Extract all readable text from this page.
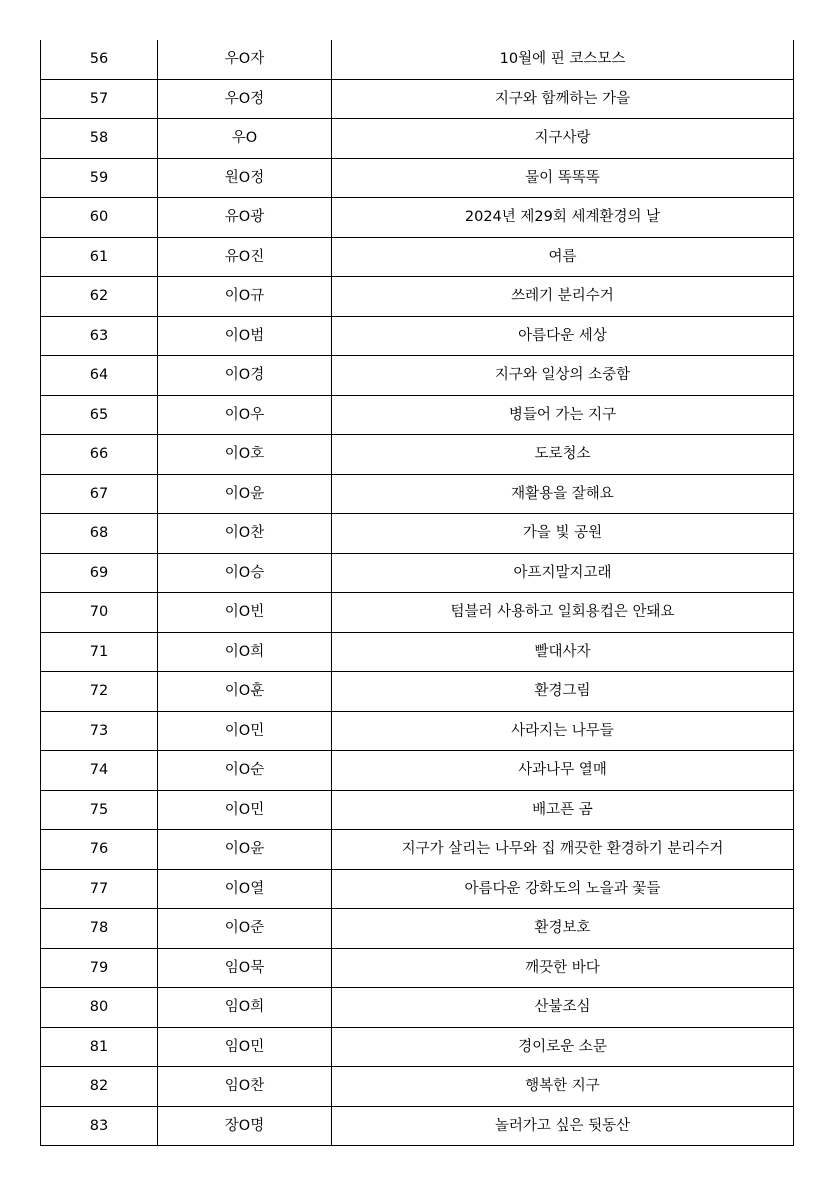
56	우O자	10월에 핀 코스모스
57	우O정	지구와 함께하는 가을
58	우O	지구사랑
59	원O정	물이 똑똑똑
60	유O광	2024년 제29회 세계환경의 날
61	유O진	여름
62	이O규	쓰레기 분리수거
63	이O범	아름다운 세상
64	이O경	지구와 일상의 소중함
65	이O우	병들어 가는 지구
66	이O호	도로청소
67	이O윤	재활용을 잘해요
68	이O찬	가을 빛 공원
69	이O승	아프지말지고래
70	이O빈	텀블러 사용하고 일회용컵은 안돼요
71	이O희	빨대사자
72	이O훈	환경그림
73	이O민	사라지는 나무들
74	이O순	사과나무 열매
75	이O민	배고픈 곰
76	이O윤	지구가 살리는 나무와 집 깨끗한 환경하기 분리수거
77	이O열	아름다운 강화도의 노을과 꽃들
78	이O준	환경보호
79	임O묵	깨끗한 바다
80	임O희	산불조심
81	임O민	경이로운 소문
82	임O찬	행복한 지구
83	장O명	놀러가고 싶은 뒷동산
